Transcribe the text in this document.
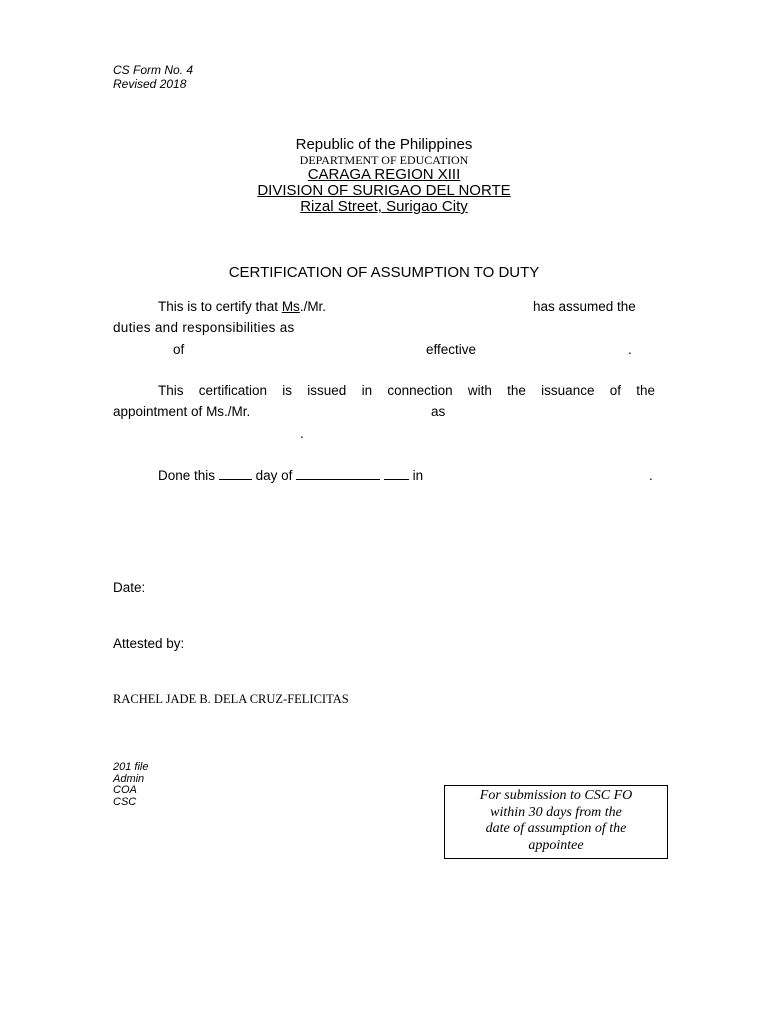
CS Form No. 4
Revised 2018
Republic of the Philippines
DEPARTMENT OF EDUCATION
CARAGA REGION XIII
DIVISION OF SURIGAO DEL NORTE
Rizal Street, Surigao City
CERTIFICATION OF ASSUMPTION TO DUTY
This is to certify that Ms./Mr.	has assumed the
duties and responsibilities as
of	effective	.
This certification is issued in connection with the issuance of the
appointment of Ms./Mr.	as
.
Done this	day of	in	.
Date:
Attested by:
RACHEL JADE B. DELA CRUZ-FELICITAS
201 file
Admin
COA
CSC	For submission to CSC FO
within 30 days from the
date of assumption of the
appointee
